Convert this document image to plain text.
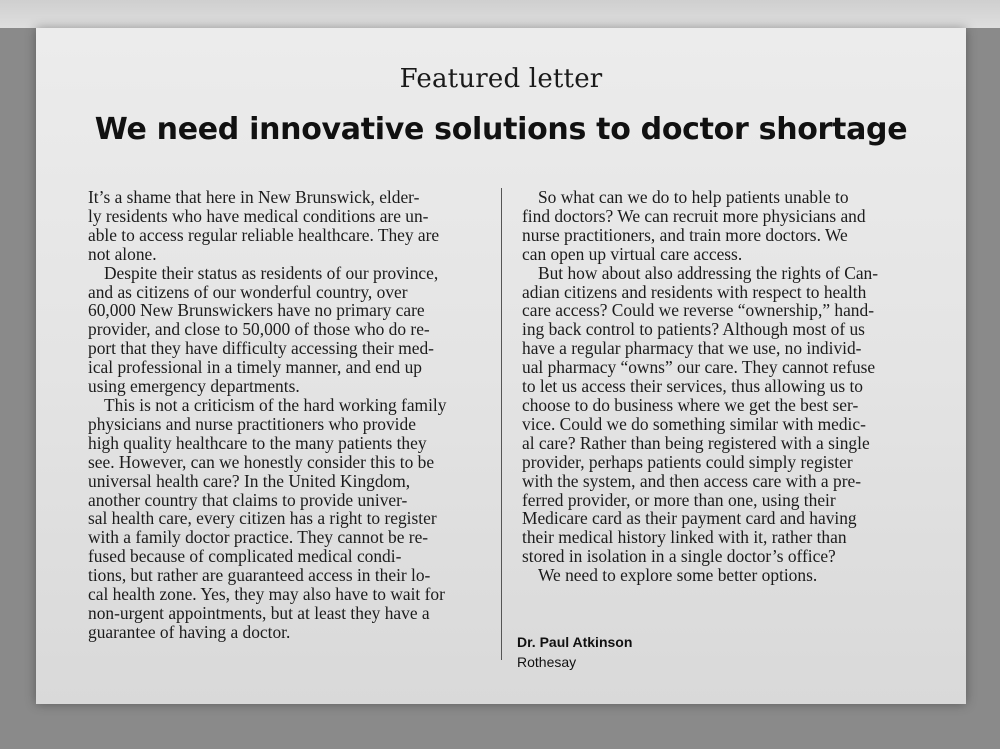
Featured letter
We need innovative solutions to doctor shortage
It’s a shame that here in New Brunswick, elder-
ly residents who have medical conditions are un-
able to access regular reliable healthcare. They are
not alone.
Despite their status as residents of our province,
and as citizens of our wonderful country, over
60,000 New Brunswickers have no primary care
provider, and close to 50,000 of those who do re-
port that they have difficulty accessing their med-
ical professional in a timely manner, and end up
using emergency departments.
This is not a criticism of the hard working family
physicians and nurse practitioners who provide
high quality healthcare to the many patients they
see. However, can we honestly consider this to be
universal health care? In the United Kingdom,
another country that claims to provide univer-
sal health care, every citizen has a right to register
with a family doctor practice. They cannot be re-
fused because of complicated medical condi-
tions, but rather are guaranteed access in their lo-
cal health zone. Yes, they may also have to wait for
non-urgent appointments, but at least they have a
guarantee of having a doctor.
So what can we do to help patients unable to
find doctors? We can recruit more physicians and
nurse practitioners, and train more doctors. We
can open up virtual care access.
But how about also addressing the rights of Can-
adian citizens and residents with respect to health
care access? Could we reverse “ownership,” hand-
ing back control to patients? Although most of us
have a regular pharmacy that we use, no individ-
ual pharmacy “owns” our care. They cannot refuse
to let us access their services, thus allowing us to
choose to do business where we get the best ser-
vice. Could we do something similar with medic-
al care? Rather than being registered with a single
provider, perhaps patients could simply register
with the system, and then access care with a pre-
ferred provider, or more than one, using their
Medicare card as their payment card and having
their medical history linked with it, rather than
stored in isolation in a single doctor’s office?
We need to explore some better options.
Dr. Paul Atkinson
Rothesay
